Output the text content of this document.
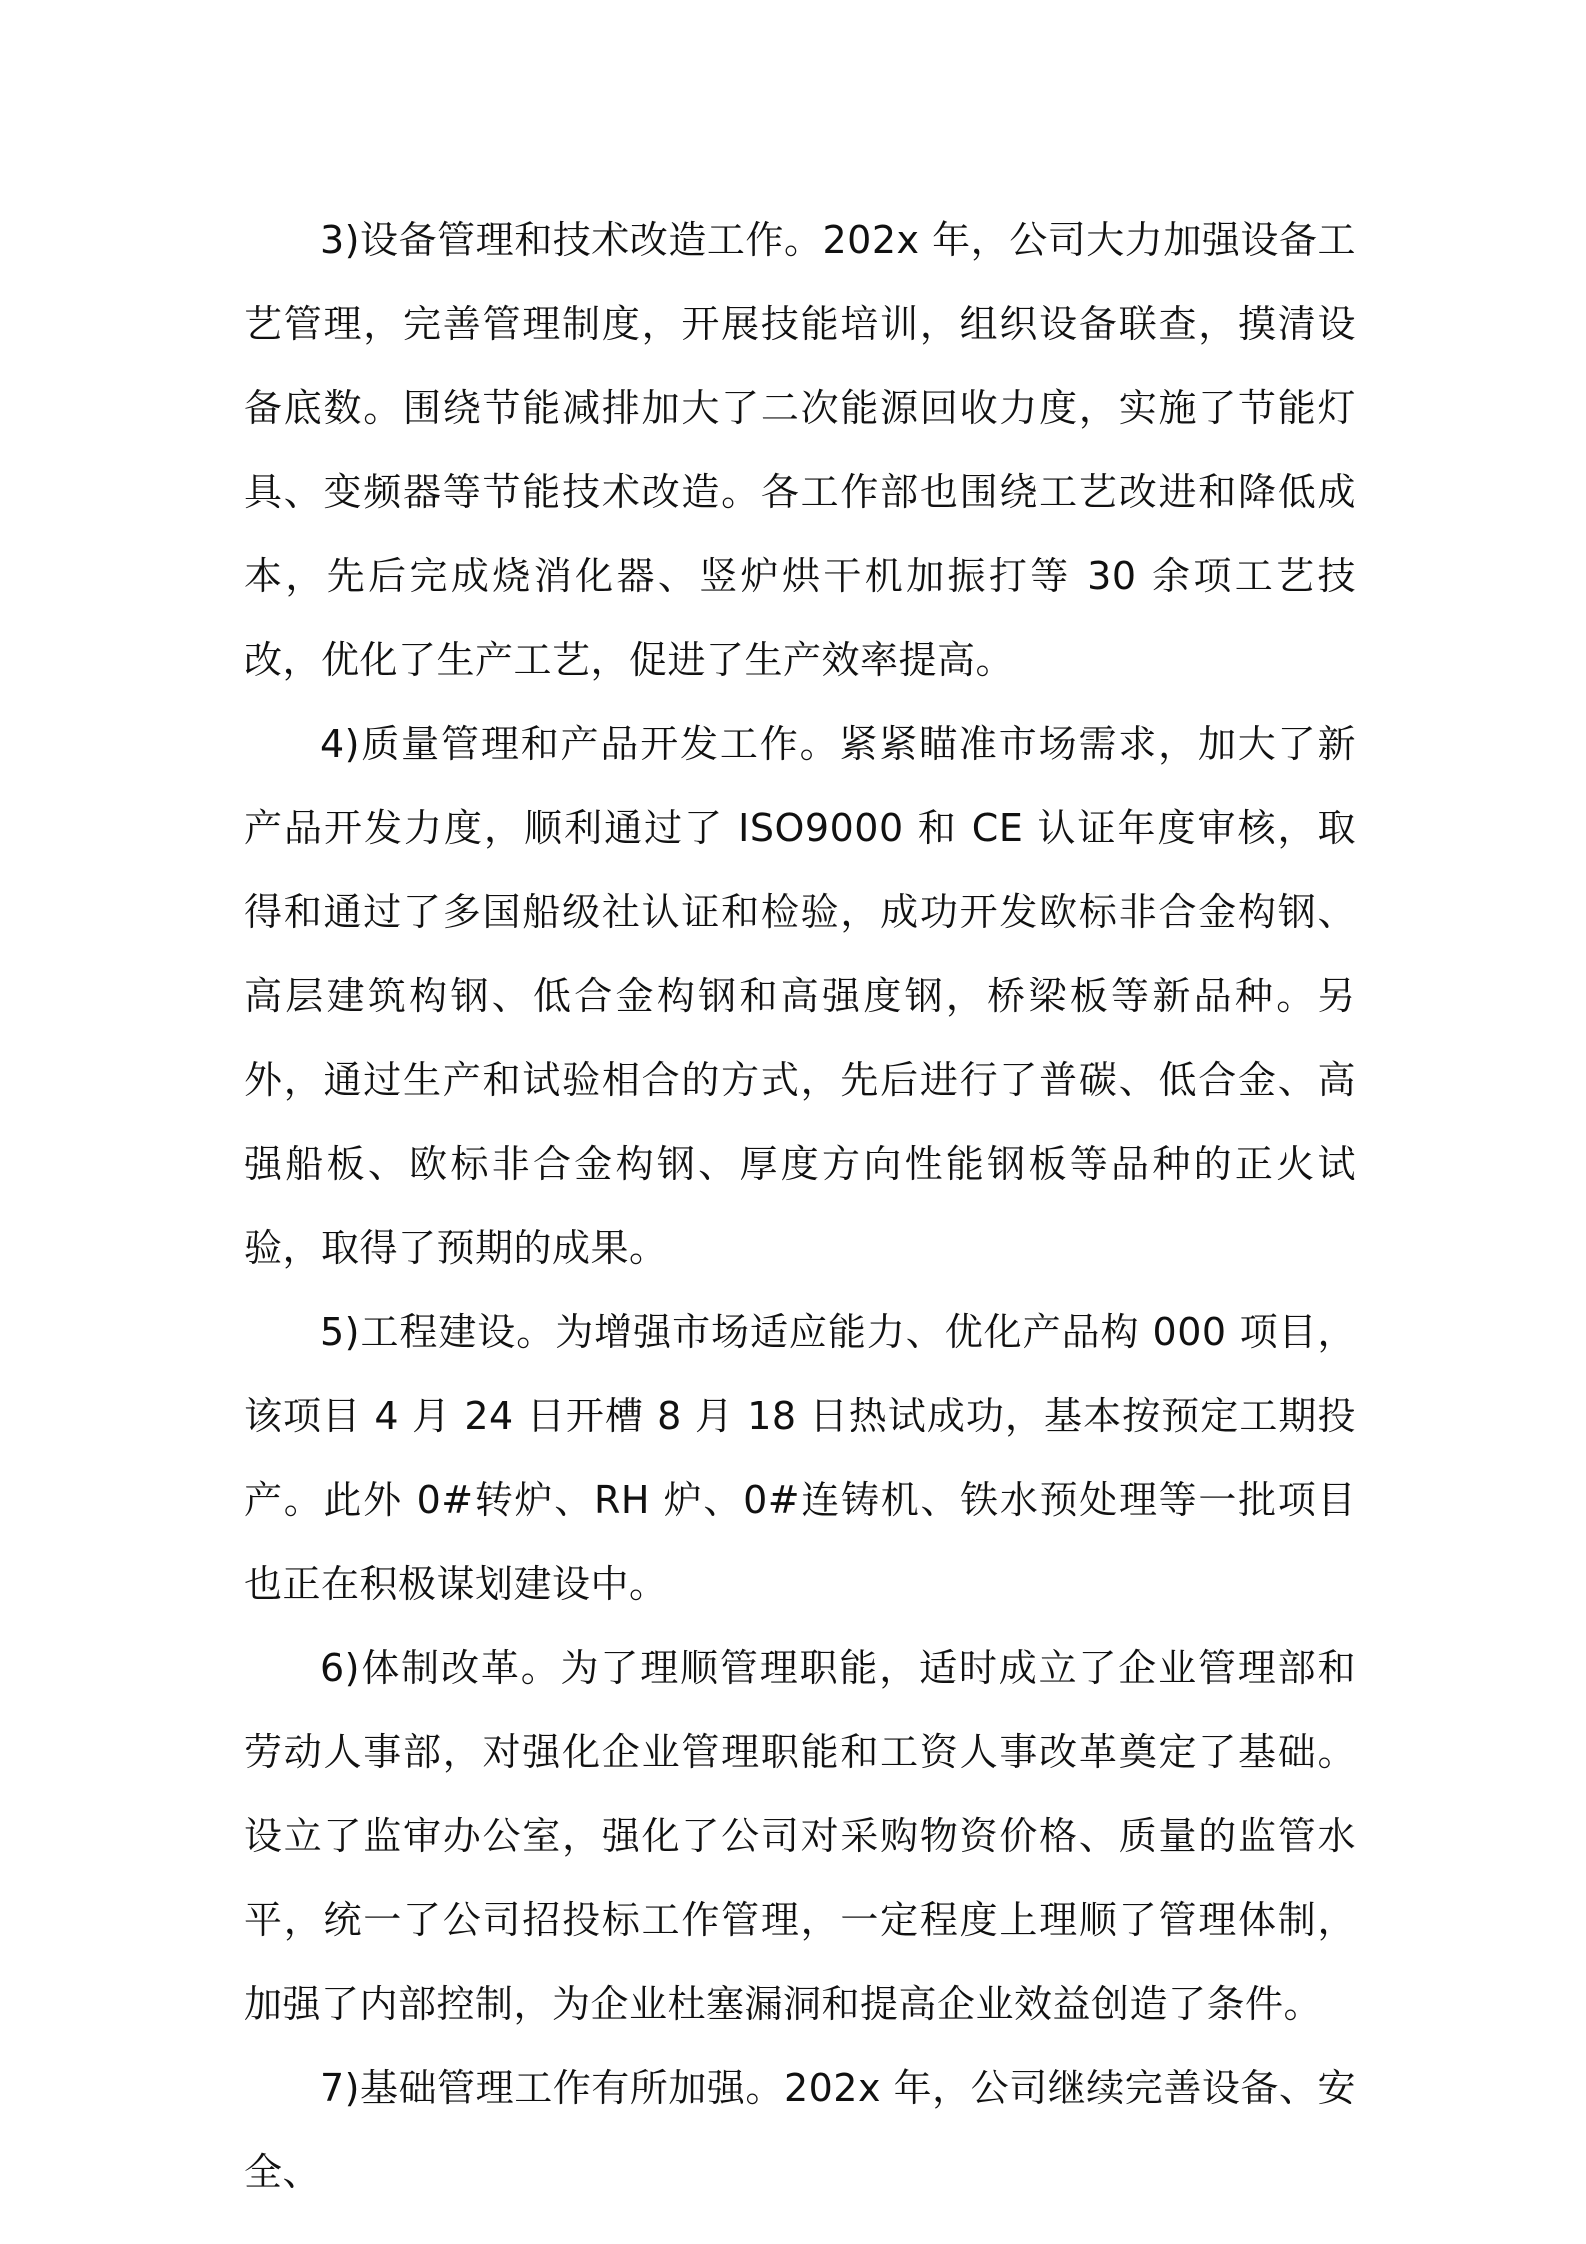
3)设备管理和技术改造工作。202x 年，公司大力加强设备工艺管理，完善管理制度，开展技能培训，组织设备联查，摸清设备底数。围绕节能减排加大了二次能源回收力度，实施了节能灯具、变频器等节能技术改造。各工作部也围绕工艺改进和降低成本，先后完成烧消化器、竖炉烘干机加振打等 30 余项工艺技改，优化了生产工艺，促进了生产效率提高。

4)质量管理和产品开发工作。紧紧瞄准市场需求，加大了新产品开发力度，顺利通过了 ISO9000 和 CE 认证年度审核，取得和通过了多国船级社认证和检验，成功开发欧标非合金构钢、高层建筑构钢、低合金构钢和高强度钢，桥梁板等新品种。另外，通过生产和试验相合的方式，先后进行了普碳、低合金、高强船板、欧标非合金构钢、厚度方向性能钢板等品种的正火试验，取得了预期的成果。

5)工程建设。为增强市场适应能力、优化产品构 000 项目，该项目 4 月 24 日开槽 8 月 18 日热试成功，基本按预定工期投产。此外 0#转炉、RH 炉、0#连铸机、铁水预处理等一批项目也正在积极谋划建设中。

6)体制改革。为了理顺管理职能，适时成立了企业管理部和劳动人事部，对强化企业管理职能和工资人事改革奠定了基础。设立了监审办公室，强化了公司对采购物资价格、质量的监管水平，统一了公司招投标工作管理，一定程度上理顺了管理体制，加强了内部控制，为企业杜塞漏洞和提高企业效益创造了条件。

7)基础管理工作有所加强。202x 年，公司继续完善设备、安全、
